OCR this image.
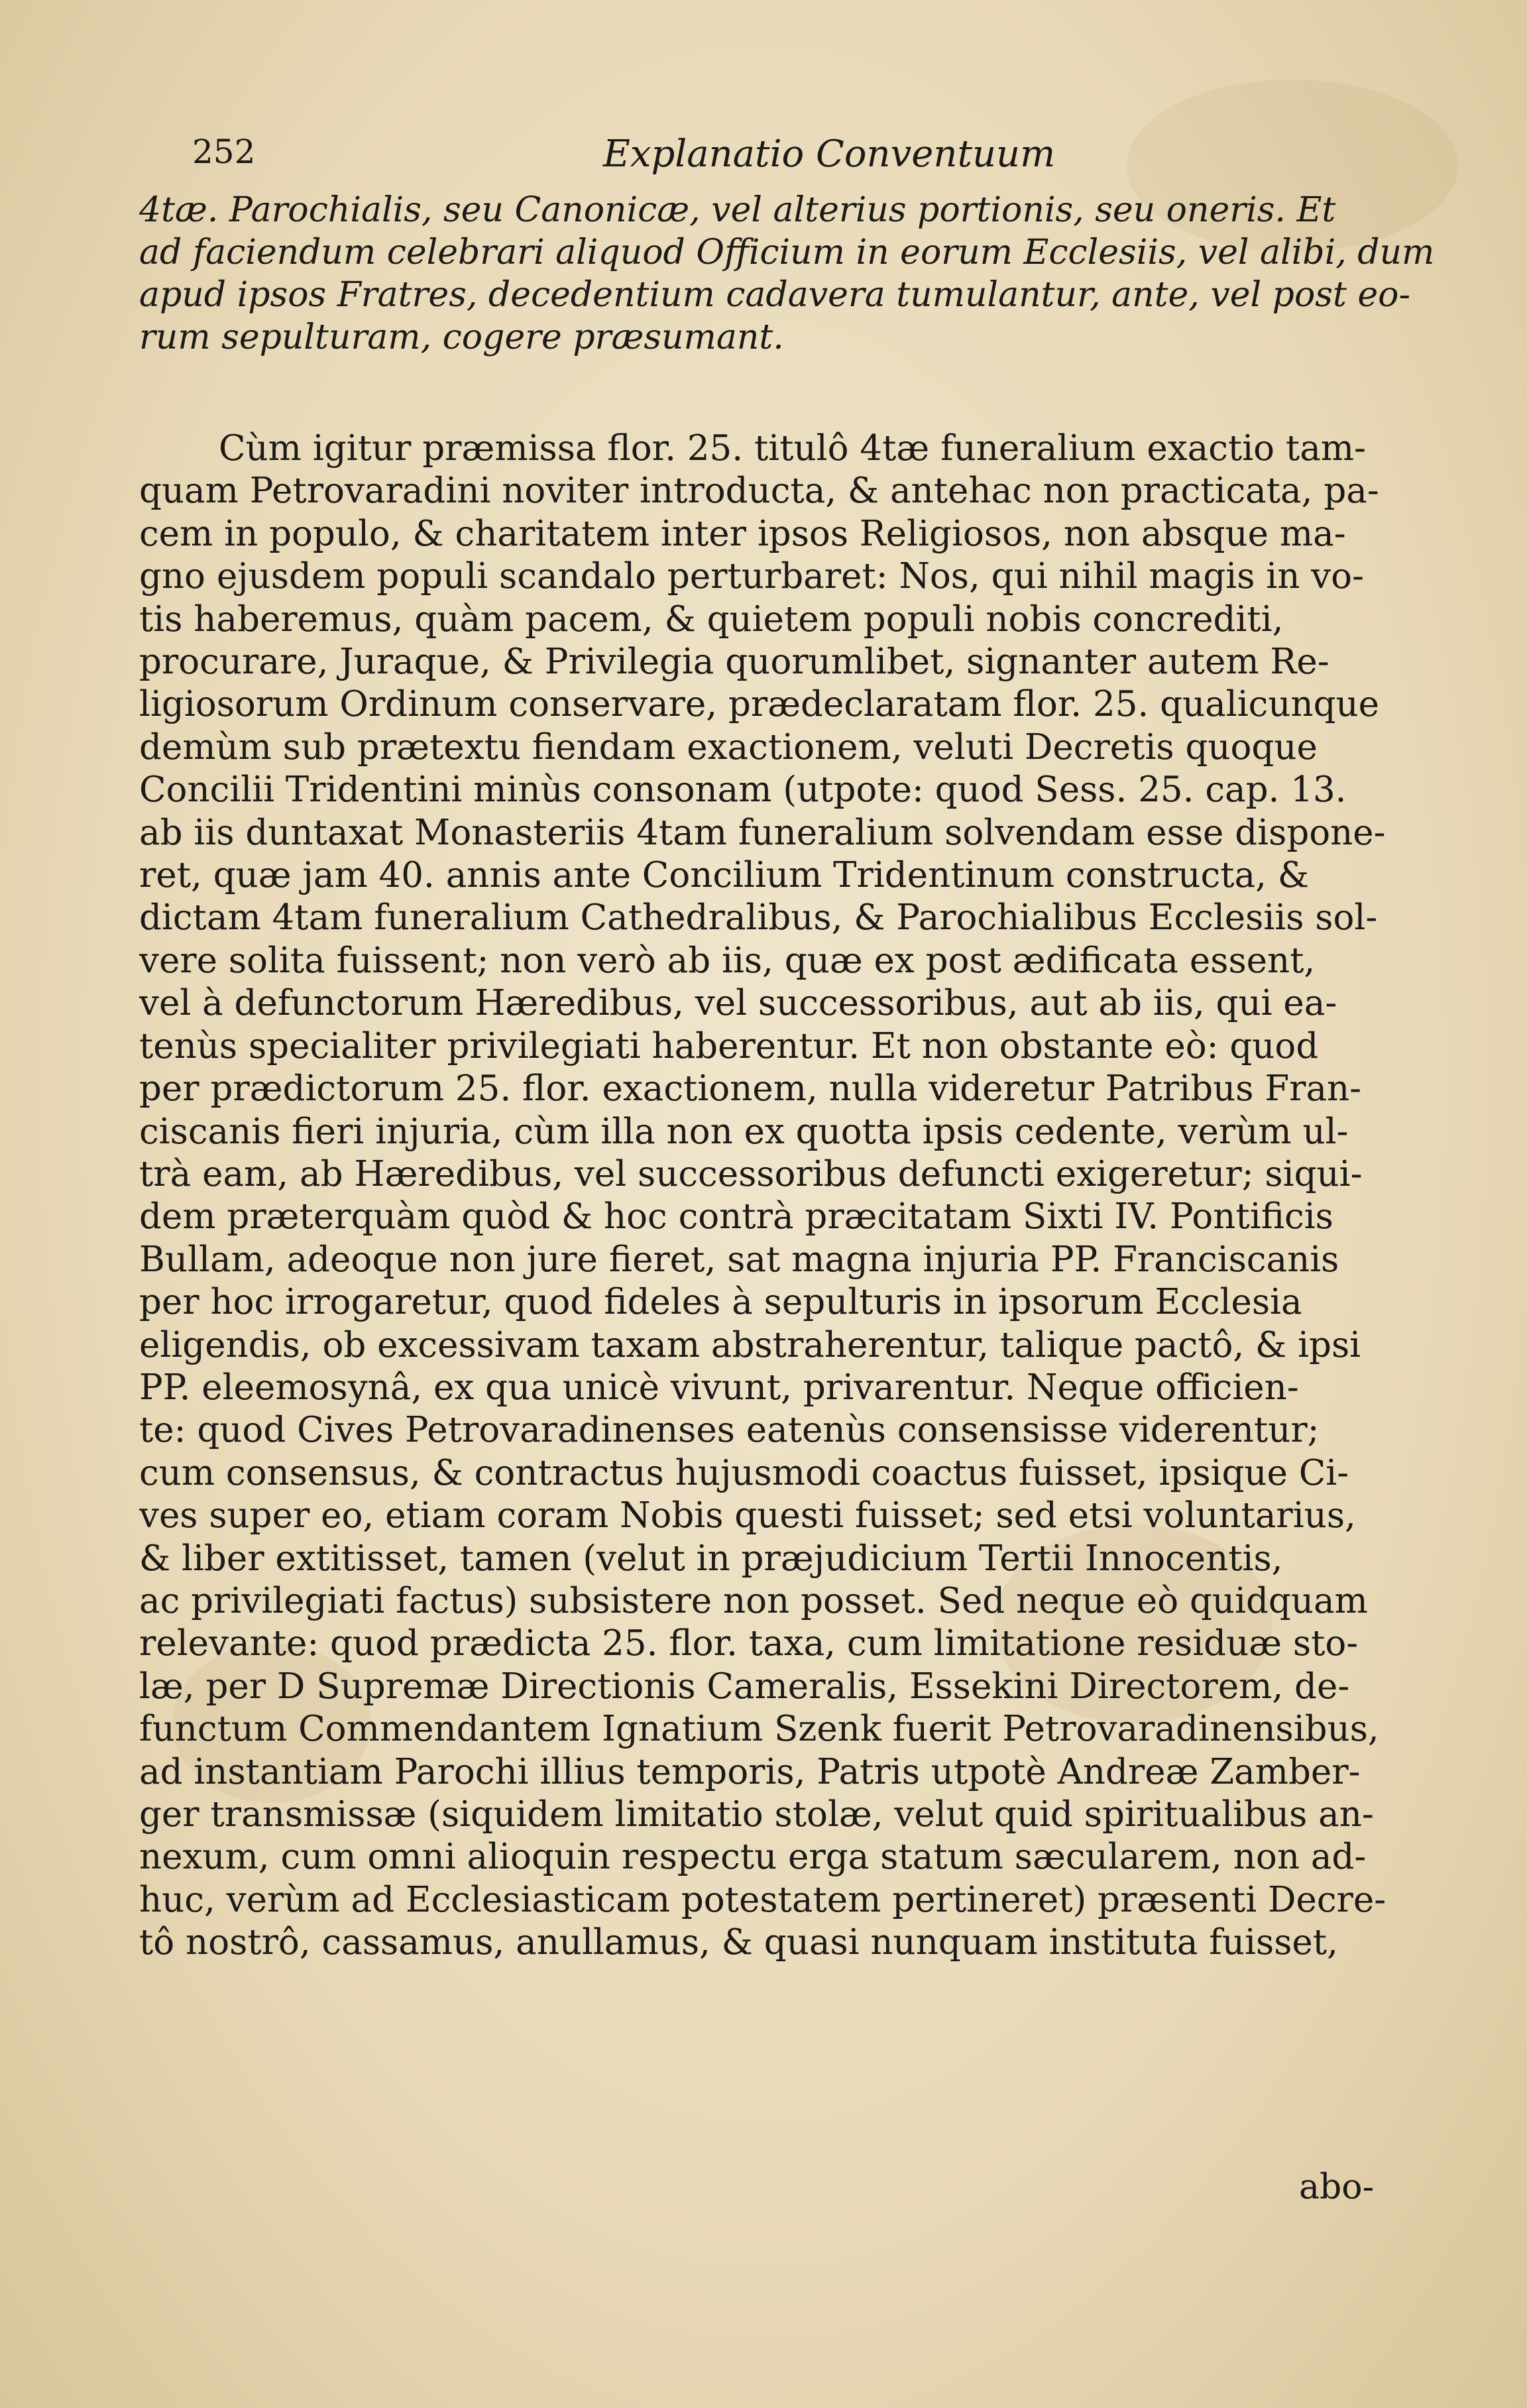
252	Explanatio Conventuum
4tæ. Parochialis, seu Canonicæ, vel alterius portionis, seu oneris. Et
ad faciendum celebrari aliquod Officium in eorum Ecclesiis, vel alibi, dum
apud ipsos Fratres, decedentium cadavera tumulantur, ante, vel post eo-
rum sepulturam, cogere præsumant.
Cùm igitur præmissa flor. 25. titulô 4tæ funeralium exactio tam-
quam Petrovaradini noviter introducta, & antehac non practicata, pa-
cem in populo, & charitatem inter ipsos Religiosos, non absque ma-
gno ejusdem populi scandalo perturbaret: Nos, qui nihil magis in vo-
tis haberemus, quàm pacem, & quietem populi nobis concrediti,
procurare, Juraque, & Privilegia quorumlibet, signanter autem Re-
ligiosorum Ordinum conservare, prædeclaratam flor. 25. qualicunque
demùm sub prætextu fiendam exactionem, veluti Decretis quoque
Concilii Tridentini minùs consonam (utpote: quod Sess. 25. cap. 13.
ab iis duntaxat Monasteriis 4tam funeralium solvendam esse dispone-
ret, quæ jam 40. annis ante Concilium Tridentinum constructa, &
dictam 4tam funeralium Cathedralibus, & Parochialibus Ecclesiis sol-
vere solita fuissent; non verò ab iis, quæ ex post ædificata essent,
vel à defunctorum Hæredibus, vel successoribus, aut ab iis, qui ea-
tenùs specialiter privilegiati haberentur. Et non obstante eò: quod
per prædictorum 25. flor. exactionem, nulla videretur Patribus Fran-
ciscanis fieri injuria, cùm illa non ex quotta ipsis cedente, verùm ul-
trà eam, ab Hæredibus, vel successoribus defuncti exigeretur; siqui-
dem præterquàm quòd & hoc contrà præcitatam Sixti IV. Pontificis
Bullam, adeoque non jure fieret, sat magna injuria PP. Franciscanis
per hoc irrogaretur, quod fideles à sepulturis in ipsorum Ecclesia
eligendis, ob excessivam taxam abstraherentur, talique pactô, & ipsi
PP. eleemosynâ, ex qua unicè vivunt, privarentur. Neque officien-
te: quod Cives Petrovaradinenses eatenùs consensisse viderentur;
cum consensus, & contractus hujusmodi coactus fuisset, ipsique Ci-
ves super eo, etiam coram Nobis questi fuisset; sed etsi voluntarius,
& liber extitisset, tamen (velut in præjudicium Tertii Innocentis,
ac privilegiati factus) subsistere non posset. Sed neque eò quidquam
relevante: quod prædicta 25. flor. taxa, cum limitatione residuæ sto-
læ, per D Supremæ Directionis Cameralis, Essekini Directorem, de-
functum Commendantem Ignatium Szenk fuerit Petrovaradinensibus,
ad instantiam Parochi illius temporis, Patris utpotè Andreæ Zamber-
ger transmissæ (siquidem limitatio stolæ, velut quid spiritualibus an-
nexum, cum omni alioquin respectu erga statum sæcularem, non ad-
huc, verùm ad Ecclesiasticam potestatem pertineret) præsenti Decre-
tô nostrô, cassamus, anullamus, & quasi nunquam instituta fuisset,
abo-
